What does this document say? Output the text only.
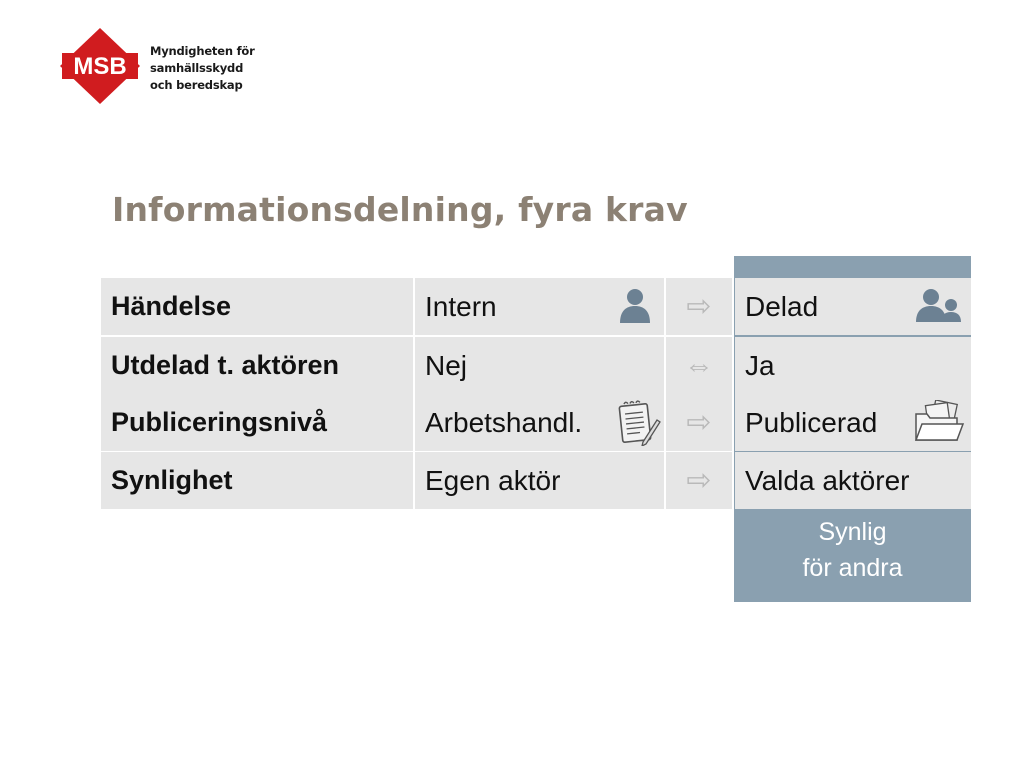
MSB
Myndigheten för
samhällsskydd
och beredskap
Informationsdelning, fyra krav
Händelse	Intern	⇨	Delad
Utdelad t. aktören	Nej	⇔	Ja
Publiceringsnivå	Arbetshandl.	⇨	Publicerad
Synlighet	Egen aktör	⇨	Valda aktörer
Synlig
för andra
